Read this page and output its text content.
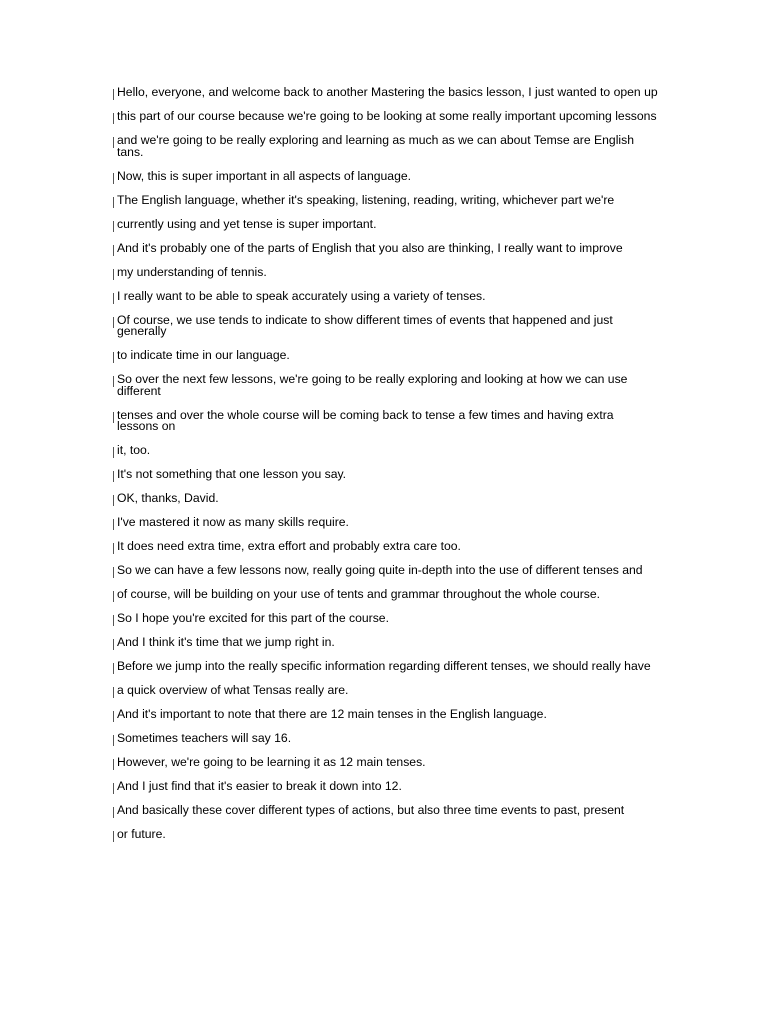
Hello, everyone, and welcome back to another Mastering the basics lesson, I just wanted to open up
this part of our course because we're going to be looking at some really important upcoming lessons
and we're going to be really exploring and learning as much as we can about Temse are English tans.
Now, this is super important in all aspects of language.
The English language, whether it's speaking, listening, reading, writing, whichever part we're
currently using and yet tense is super important.
And it's probably one of the parts of English that you also are thinking, I really want to improve
my understanding of tennis.
I really want to be able to speak accurately using a variety of tenses.
Of course, we use tends to indicate to show different times of events that happened and just generally
to indicate time in our language.
So over the next few lessons, we're going to be really exploring and looking at how we can use different
tenses and over the whole course will be coming back to tense a few times and having extra lessons on
it, too.
It's not something that one lesson you say.
OK, thanks, David.
I've mastered it now as many skills require.
It does need extra time, extra effort and probably extra care too.
So we can have a few lessons now, really going quite in-depth into the use of different tenses and
of course, will be building on your use of tents and grammar throughout the whole course.
So I hope you're excited for this part of the course.
And I think it's time that we jump right in.
Before we jump into the really specific information regarding different tenses, we should really have
a quick overview of what Tensas really are.
And it's important to note that there are 12 main tenses in the English language.
Sometimes teachers will say 16.
However, we're going to be learning it as 12 main tenses.
And I just find that it's easier to break it down into 12.
And basically these cover different types of actions, but also three time events to past, present
or future.
